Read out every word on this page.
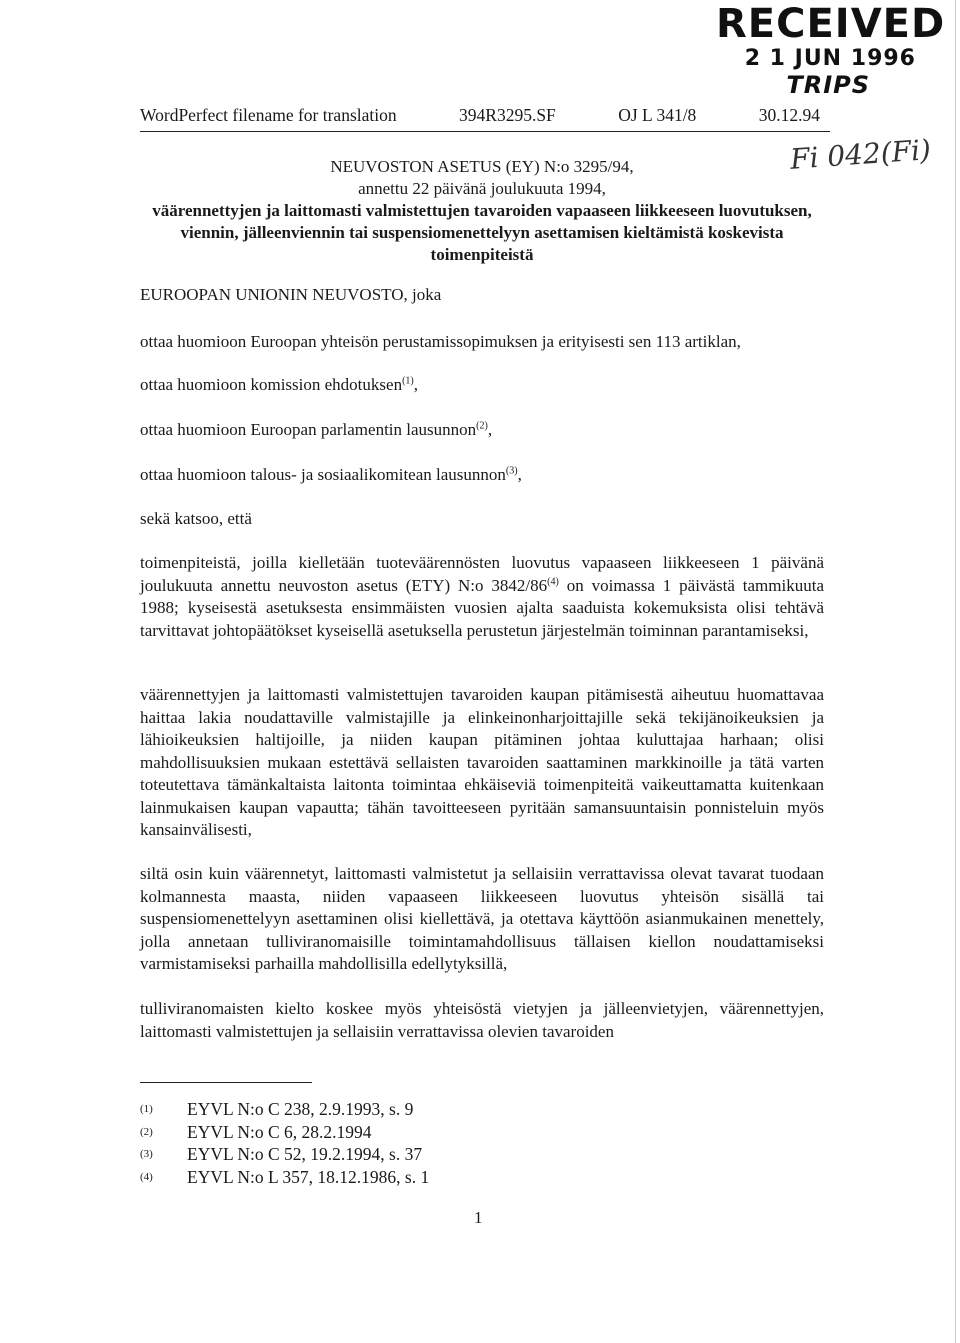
RECEIVED
2 1 JUN 1996
TRIPS
Fi 042(Fi)
WordPerfect filename for translation	394R3295.SF	OJ L 341/8	30.12.94
NEUVOSTON ASETUS (EY) N:o 3295/94,
annettu 22 päivänä joulukuuta 1994,
väärennettyjen ja laittomasti valmistettujen tavaroiden vapaaseen liikkeeseen luovutuksen, viennin, jälleenviennin tai suspensiomenettelyyn asettamisen kieltämistä koskevista toimenpiteistä
EUROOPAN UNIONIN NEUVOSTO, joka
ottaa huomioon Euroopan yhteisön perustamissopimuksen ja erityisesti sen 113 artiklan,
ottaa huomioon komission ehdotuksen$^{(1)}$,
ottaa huomioon Euroopan parlamentin lausunnon$^{(2)}$,
ottaa huomioon talous- ja sosiaalikomitean lausunnon$^{(3)}$,
sekä katsoo, että
toimenpiteistä, joilla kielletään tuoteväärennösten luovutus vapaaseen liikkeeseen 1 päivänä joulukuuta annettu neuvoston asetus (ETY) N:o 3842/86$^{(4)}$ on voimassa 1 päivästä tammikuuta 1988; kyseisestä asetuksesta ensimmäisten vuosien ajalta saaduista kokemuksista olisi tehtävä tarvittavat johtopäätökset kyseisellä asetuksella perustetun järjestelmän toiminnan parantamiseksi,
väärennettyjen ja laittomasti valmistettujen tavaroiden kaupan pitämisestä aiheutuu huomattavaa haittaa lakia noudattaville valmistajille ja elinkeinonharjoittajille sekä tekijänoikeuksien ja lähioikeuksien haltijoille, ja niiden kaupan pitäminen johtaa kuluttajaa harhaan; olisi mahdollisuuksien mukaan estettävä sellaisten tavaroiden saattaminen markkinoille ja tätä varten toteutettava tämänkaltaista laitonta toimintaa ehkäiseviä toimenpiteitä vaikeuttamatta kuitenkaan lainmukaisen kaupan vapautta; tähän tavoitteeseen pyritään samansuuntaisin ponnisteluin myös kansainvälisesti,
siltä osin kuin väärennetyt, laittomasti valmistetut ja sellaisiin verrattavissa olevat tavarat tuodaan kolmannesta maasta, niiden vapaaseen liikkeeseen luovutus yhteisön sisällä tai suspensiomenettelyyn asettaminen olisi kiellettävä, ja otettava käyttöön asianmukainen menettely, jolla annetaan tulliviranomaisille toimintamahdollisuus tällaisen kiellon noudattamiseksi varmistamiseksi parhailla mahdollisilla edellytyksillä,
tulliviranomaisten kielto koskee myös yhteisöstä vietyjen ja jälleenvietyjen, väärennettyjen, laittomasti valmistettujen ja sellaisiin verrattavissa olevien tavaroiden
(1)	EYVL N:o C 238, 2.9.1993, s. 9
(2)	EYVL N:o C 6, 28.2.1994
(3)	EYVL N:o C 52, 19.2.1994, s. 37
(4)	EYVL N:o L 357, 18.12.1986, s. 1
1
